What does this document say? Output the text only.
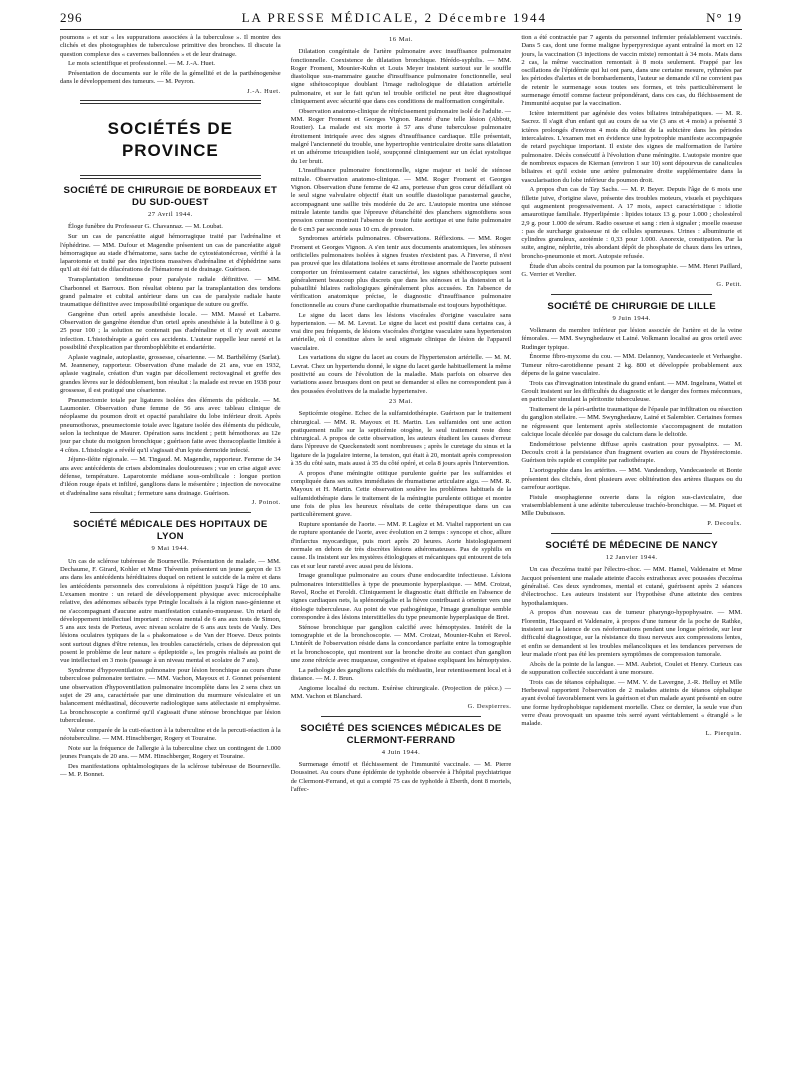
296	LA PRESSE MÉDICALE, 2 Décembre 1944	N° 19

poumons » et sur « les suppurations associées à la tuberculose ». Il montre des clichés et des photographies de tuberculose primitive des bronches. Il discute la question complexe des « cavernes ballonnées » et de leur drainage.

Le mois scientifique et professionnel. — M. J.-A. Huet.

Présentation de documents sur le rôle de la gémellité et de la parthénogenèse dans le développement des tumeurs. — M. Peyron.

J.-A. Huet.
SOCIÉTÉS DE PROVINCE
SOCIÉTÉ DE CHIRURGIE DE BORDEAUX ET DU SUD-OUEST
27 Avril 1944.

Éloge funèbre du Professeur G. Chavannaz. — M. Loubat.

Sur un cas de pancréatite aiguë hémorragique traité par l'adrénaline et l'éphédrine. — MM. Dufour et Magendie présentent un cas de pancréatite aiguë hémorragique au stade d'hématome, sans tache de cytostéatonécrose, vérifié à la laparotomie et traité par des injections massives d'adrénaline et d'éphédrine sans qu'il ait été fait de dilacérations de l'hématome ni de drainage. Guérison.

Transplantation tendineuse pour paralysie radiale définitive. — MM. Charbonnel et Barroux. Bon résultat obtenu par la transplantation des tendons grand palmaire et cubital antérieur dans un cas de paralysie radiale haute traumatique définitive avec impossibilité organique de suture ou greffe.

Gangrène d'un orteil après anesthésie locale. — MM. Massé et Labarre. Observation de gangrène étendue d'un orteil après anesthésie à la butelline à 0 g. 25 pour 100 ; la solution ne contenait pas d'adrénaline et il n'y avait aucune infection. L'histothérapie a guéri ces accidents. L'auteur rappelle leur rareté et la possibilité d'explication par thrombophlébite et endartérite.

Aplasie vaginale, autoplastie, grossesse, césarienne. — M. Barthélémy (Sarlat). M. Jeanneney, rapporteur. Observation d'une malade de 21 ans, vue en 1932, aplasie vaginale, création d'un vagin par décollement rectovaginal et greffe des grandes lèvres sur le dédoublement, bon résultat : la malade est revue en 1938 pour grossesse, il est pratiqué une césarienne.

Pneumectomie totale par ligatures isolées des éléments du pédicule. — M. Laumonier. Observation d'une femme de 56 ans avec tableau clinique de néoplasme du poumon droit et opacité parahilaire du lobe inférieur droit. Après pneumothorax, pneumectomie totale avec ligature isolée des éléments du pédicule, selon la technique de Maurer. Opération sans incident ; petit hémothorax au 12e jour par chute du moignon bronchique ; guérison faite avec thoracoplastie limitée à 4 côtes. L'histologie a révélé qu'il s'agissait d'un kyste dermoïde infecté.

Jéjuno-iléite régionale. — M. Tingaud. M. Magendie, rapporteur. Femme de 34 ans avec antécédents de crises abdominales douloureuses ; vue en crise aiguë avec défense, température. Laparotomie médiane sous-ombilicale : longue portion d'iléon rouge épais et infiltré, ganglions dans le mésentère ; injection de novocaïne et d'adrénaline sans résultat ; fermeture sans drainage. Guérison.

J. Poinot.
SOCIÉTÉ MÉDICALE DES HOPITAUX DE LYON
9 Mai 1944.

Un cas de sclérose tubéreuse de Bourneville. Présentation de malade. — MM. Dechaume, F. Girard, Kohler et Mme Thévenin présentent un jeune garçon de 13 ans dans les antécédents héréditaires duquel on retient le suicide de la mère et dans les antécédents personnels des convulsions à répétition jusqu'à l'âge de 10 ans. L'examen montre : un retard de développement physique avec microcéphalie relative, des adénomes sébacés type Pringle localisés à la région naso-génienne et ne s'accompagnant d'aucune autre manifestation cutanéo-muqueuse. Un retard de développement intellectuel important : niveau mental de 6 ans aux tests de Simon, 5 ans aux tests de Porteus, avec niveau scolaire de 6 ans aux tests de Vauly. Des lésions oculaires typiques de la « phakomatose » de Van der Hoeve. Deux points sont surtout dignes d'être retenus, les troubles caractériels, crises de dépression qui posent le problème de leur nature « épileptoïde », les progrès réalisés au point de vue intellectuel en 3 mois (passage à un niveau mental et scolaire de 7 ans).

Syndrome d'hypoventilation pulmonaire pour lésion bronchique au cours d'une tuberculose pulmonaire tertiaire. — MM. Vachon, Mayoux et J. Gonnet présentent une observation d'hypoventilation pulmonaire incomplète dans les 2 sens chez un sujet de 29 ans, caractérisée par une diminution du murmure vésiculaire et un balancement médiastinal, découverte radiologique sans atélectasie ni emphysème. La bronchoscopie a confirmé qu'il s'agissait d'une sténose bronchique par lésion tuberculeuse.

Valeur comparée de la cuti-réaction à la tuberculine et de la percuti-réaction à la néotuberculine. — MM. Hinschberger, Rogery et Touraine.

Note sur la fréquence de l'allergie à la tuberculine chez un contingent de 1.000 jeunes Français de 20 ans. — MM. Hinschberger, Rogery et Touraine.

Des manifestations ophtalmologiques de la sclérose tubéreuse de Bourneville. — M. P. Bonnet.

16 Mai.

Dilatation congénitale de l'artère pulmonaire avec insuffisance pulmonaire fonctionnelle. Coexistence de dilatation bronchique. Hérédo-syphilis. — MM. Roger Froment, Mounier-Kuhn et Louis Meyer insistent surtout sur le souffle diastolique sus-mammaire gauche d'insuffisance pulmonaire fonctionnelle, seul signe sthétoscopique doublant l'image radiologique de dilatation artérielle pulmonaire, et sur le fait qu'un tel trouble orificiel ne peut être diagnostiqué cliniquement avec sécurité que dans ces conditions de malformation congénitale.

Observation anatomo-clinique de rétrécissement pulmonaire isolé de l'adulte. — MM. Roger Froment et Georges Vignon. Rareté d'une telle lésion (Abbott, Routier). La malade est six morte à 57 ans d'une tuberculose pulmonaire étroitement intriquée avec des signes d'insuffisance cardiaque. Elle présentait, malgré l'ancienneté du trouble, une hypertrophie ventriculaire droite sans dilatation et un athérome tricuspidien isolé, soupçonné cliniquement sur un éclat systolique du 1er bruit.

L'insuffisance pulmonaire fonctionnelle, signe majeur et isolé de sténose mitrale. Observation anatomo-clinique. — MM. Roger Froment et Georges Vignon. Observation d'une femme de 42 ans, porteuse d'un gros cœur défaillant où le seul signe valvulaire objectif était un souffle diastolique parasternal gauche, accompagnant une saillie très modérée du 2e arc. L'autopsie montra une sténose mitrale latente tandis que l'épreuve d'étanchéité des planchers sigmoïdiens sous pression connue montrait l'absence de toute fuite aortique et une fuite pulmonaire de 6 cm3 par seconde sous 10 cm. de pression.

Syndromes artériels pulmonaires. Observations. Réflexions. — MM. Roger Froment et Georges Vignon. A s'en tenir aux documents anatomiques, les sténoses orificielles pulmonaires isolées à signes frustes n'existent pas. A l'inverse, il n'est pas prouvé que les dilatations isolées et sans étroitesse anormale de l'aorte puissent comporter un frémissement cataire caractérisé, les signes sthéthoscopiques sont généralement beaucoup plus discrets que dans les sténoses et la distension et la pulsatilité hilaires radiologiques généralement plus accusées. En l'absence de vérification anatomique précise, le diagnostic d'insuffisance pulmonaire fonctionnelle au cours d'une cardiopathie rhumatismale est toujours hypothétique.

Le signe du lacet dans les lésions viscérales d'origine vasculaire sans hypertension. — M. M. Levrat. Le signe du lacet est positif dans certains cas, à vrai dire peu fréquents, de lésions viscérales d'origine vasculaire sans hypertension artérielle, où il constitue alors le seul stigmate clinique de lésion de l'appareil vasculaire.

Les variations du signe du lacet au cours de l'hypertension artérielle. — M. M. Levrat. Chez un hypertendu donné, le signe du lacet garde habituellement la même positivité au cours de l'évolution de la maladie. Mais parfois on observe des variations assez brusques dont on peut se demander si elles ne correspondent pas à des poussées évolutives de la maladie hypertensive.

23 Mai.

Septicémie otogène. Echec de la sulfamidothérapie. Guérison par le traitement chirurgical. — MM. R. Mayoux et H. Martin. Les sulfamides ont une action pratiquement nulle sur la septicémie otogène, le seul traitement reste donc chirurgical. A propos de cette observation, les auteurs étudient les causes d'erreur dans l'épreuve de Queckenstedt sont nombreuses ; après le curetage du sinus et la ligature de la jugulaire interne, la tension, qui était à 20, montait après compression à 35 du côté sain, mais aussi à 35 du côté opéré, et cela 8 jours après l'intervention.

A propos d'une méningite otitique purulente guérie par les sulfamides et compliquée dans ses suites immédiates de rhumatisme articulaire aigu. — MM. R. Mayoux et H. Martin. Cette observation soulève les problèmes habituels de la sulfamidothérapie dans le traitement de la méningite purulente otitique et montre une fois de plus les heureux résultats de cette thérapeutique dans un cas particulièrement grave.

Rupture spontanée de l'aorte. — MM. P. Lagèze et M. Vialtel rapportent un cas de rupture spontanée de l'aorte, avec évolution en 2 temps : syncope et choc, allure d'infarctus myocardique, puis mort après 20 heures. Aorte histologiquement normale en dehors de très discrètes lésions athéromateuses. Pas de syphilis en cause. Ils insistent sur les mystères étiologiques et mécaniques qui entourent de tels cas et sur leur rareté avec aussi peu de lésions.

Image granulique pulmonaire au cours d'une endocardite infectieuse. Lésions pulmonaires interstitielles à type de pneumonie hyperplasique. — MM. Croizat, Revol, Roche et Feroldi. Cliniquement le diagnostic était difficile en l'absence de signes cardiaques nets, la splénomégalie et la fièvre contribuant à orienter vers une étiologie tuberculeuse. Au point de vue pathogénique, l'image granulique semble correspondre à des lésions interstitielles du type pneumonie hyperplasique de Bret.

Sténose bronchique par ganglion calcifié avec hémoptysies. Intérêt de la tomographie et de la bronchoscopie. — MM. Croizat, Mounier-Kuhn et Revol. L'intérêt de l'observation réside dans la concordance parfaite entre la tomographie et la bronchoscopie, qui montrent sur la bronche droite au contact d'un ganglion une zone rétrécie avec muqueuse, congestive et épaisse expliquant les hémoptysies.

La pathologie des ganglions calcifiés du médiastin, leur retentissement local et à distance. — M. J. Brun.

Angiome localisé du rectum. Exérèse chirurgicale. (Projection de pièce.) — MM. Vachon et Blanchard.

G. Despierres.
SOCIÉTÉ DES SCIENCES MÉDICALES DE CLERMONT-FERRAND
4 Juin 1944.

Surmenage émotif et fléchissement de l'immunité vaccinale. — M. Pierre Doussinet. Au cours d'une épidémie de typhoïde observée à l'hôpital psychiatrique de Clermont-Ferrand, et qui a compté 75 cas de typhoïde à Eberth, dont 8 mortels, l'affec-

tion a été contractée par 7 agents du personnel infirmier préalablement vaccinés. Dans 5 cas, dont une forme maligne hyperpyrexique ayant entraîné la mort en 12 jours, la vaccination (3 injections de vaccin mixte) remontait à 34 mois. Mais dans 2 cas, la même vaccination remontait à 8 mois seulement. Frappé par les oscillations de l'épidémie qui lui ont paru, dans une certaine mesure, rythmées par les périodes d'alertes et de bombardements, l'auteur se demande s'il ne convient pas de retenir le surmenage sous toutes ses formes, et très particulièrement le surmenage émotif comme facteur prépondérant, dans ces cas, du fléchissement de l'immunité acquise par la vaccination.

Ictère intermittent par agénésie des voies biliaires intrahépatiques. — M. R. Sacrez. Il s'agit d'un enfant qui au cours de sa vie (3 ans et 4 mois) a présenté 3 ictères prolongés d'environ 4 mois du début de la subictère dans les périodes intercalaires. L'examen met en évidence une hypotrophie manifeste accompagnée de retard psychique important. Il existe des signes de malformation de l'artère pulmonaire. Décès consécutif à l'évolution d'une méningite. L'autopsie montre que de nombreux espaces de Kiernan (environ 1 sur 10) sont dépourvus de canalicules biliaires et qu'il existe une artère pulmonaire droite supplémentaire dans la vascularisation du lobe inférieur du poumon droit.

A propos d'un cas de Tay Sachs. — M. P. Beyer. Depuis l'âge de 6 mois une fillette juive, d'origine slave, présente des troubles moteurs, visuels et psychiques qui augmentent progressivement. A 17 mois, aspect caractéristique : idiotie amaurotique familiale. Hyperlipémie : lipides totaux 13 g. pour 1.000 ; cholestérol 2,9 g. pour 1.000 de sérum. Radio osseuse et sang : rien à signaler ; moelle osseuse : pas de surcharge graisseuse ni de cellules spumeuses. Urines : albuminurie et cylindres granuleux, azotémie : 0,33 pour 1.000. Anorexie, constipation. Par la suite, angine, néphrite, très abondant dépôt de phosphate de chaux dans les urines, broncho-pneumonie et mort. Autopsie refusée.

Étude d'un abcès central du poumon par la tomographie. — MM. Henri Paillard, G. Verrier et Verdier.

G. Petit.
SOCIÉTÉ DE CHIRURGIE DE LILLE
9 Juin 1944.

Volkmann du membre inférieur par lésion associée de l'artère et de la veine fémorales. — MM. Swynghedauw et Lainé. Volkmann localisé au gros orteil avec Rudinger typique.

Énorme fibro-myxome du cou. — MM. Delannoy, Vandecasteele et Verhaeghe. Tumeur rétro-carotidienne pesant 2 kg. 800 et développée probablement aux dépens de la gaine vasculaire.

Trois cas d'invagination intestinale du grand enfant. — MM. Ingelrans, Wattel et Groult insistent sur les difficultés du diagnostic et le danger des formes méconnues, en particulier simulant la péritonite tuberculeuse.

Traitement de la péri-arthrite traumatique de l'épaule par infiltration ou résection du ganglion stellaire. — MM. Swynghedauw, Lainé et Salembier. Certaines formes ne régressent que lentement après stellectomie s'accompagnent de mutation calcique locale décelée par dosage du calcium dans le deltoïde.

Endométriose pelvienne diffuse après castration pour pyosalpinx. — M. Decoulx croit à la persistance d'un fragment ovarien au cours de l'hystérectomie. Guérison très rapide et complète par radiothérapie.

L'aortographie dans les artérites. — MM. Vandendorp, Vandecasteele et Bonte présentent des clichés, dont plusieurs avec oblitération des artères iliaques ou du carrefour aortique.

Fistule œsophagienne ouverte dans la région sus-claviculaire, due vraisemblablement à une adénite tuberculeuse trachéo-bronchique. — M. Piquet et Mlle Dubuisson.

P. Decoulx.
SOCIÉTÉ DE MÉDECINE DE NANCY
12 Janvier 1944.

Un cas d'eczéma traité par l'électro-choc. — MM. Hamel, Valdenaire et Mme Jacquot présentent une malade atteinte d'accès extrathorax avec poussées d'eczéma généralisé. Ces deux syndromes, mental et cutané, guérissent après 2 séances d'électrochoc. Les auteurs insistent sur l'hypothèse d'une atteinte des centres hypothalamiques.

A propos d'un nouveau cas de tumeur pharyngo-hypophysaire. — MM. Florentin, Hacquard et Valdenaire, à propos d'une tumeur de la poche de Rathke, insistent sur la latence de ces néoformations pendant une longue période, sur leur difficulté diagnostique, sur la résistance du tissu nerveux aux compressions lentes, et enfin se demandent si les troubles mélancoliques et les tendances perverses de leur malade n'ont pas été les premiers symptômes de compression tumorale.

Abcès de la pointe de la langue. — MM. Aubriot, Coulet et Henry. Curieux cas de suppuration collectée succédant à une morsure.

Trois cas de tétanos céphalique. — MM. V. de Lavergne, J.-R. Helluy et Mlle Herbeuval rapportent l'observation de 2 malades atteints de tétanos céphalique ayant évolué favorablement vers la guérison et d'un malade ayant présenté en outre une forme hydrophobique rapidement mortelle. Chez ce dernier, la seule vue d'un verre d'eau provoquait un spasme très serré ayant véritablement « étranglé » le malade.

L. Pierquin.
